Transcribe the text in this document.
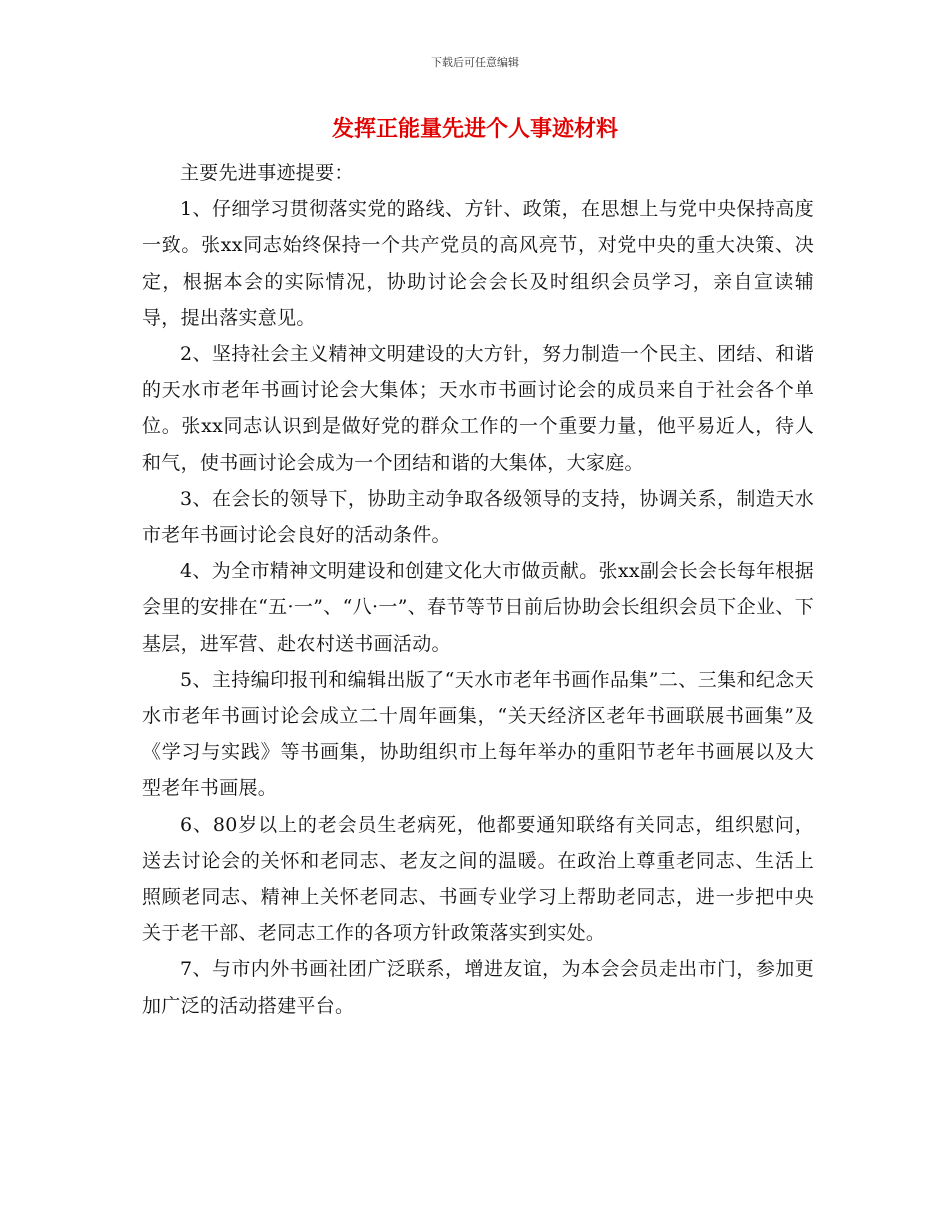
下载后可任意编辑
发挥正能量先进个人事迹材料

主要先进事迹提要：

1、仔细学习贯彻落实党的路线、方针、政策，在思想上与党中央保持高度一致。张xx同志始终保持一个共产党员的高风亮节，对党中央的重大决策、决定，根据本会的实际情况，协助讨论会会长及时组织会员学习，亲自宣读辅导，提出落实意见。

2、坚持社会主义精神文明建设的大方针，努力制造一个民主、团结、和谐的天水市老年书画讨论会大集体；天水市书画讨论会的成员来自于社会各个单位。张xx同志认识到是做好党的群众工作的一个重要力量，他平易近人，待人和气，使书画讨论会成为一个团结和谐的大集体，大家庭。

3、在会长的领导下，协助主动争取各级领导的支持，协调关系，制造天水市老年书画讨论会良好的活动条件。

4、为全市精神文明建设和创建文化大市做贡献。张xx副会长会长每年根据会里的安排在“五·一”、“八·一”、春节等节日前后协助会长组织会员下企业、下基层，进军营、赴农村送书画活动。

5、主持编印报刊和编辑出版了“天水市老年书画作品集”二、三集和纪念天水市老年书画讨论会成立二十周年画集，“关天经济区老年书画联展书画集”及《学习与实践》等书画集，协助组织市上每年举办的重阳节老年书画展以及大型老年书画展。

6、80岁以上的老会员生老病死，他都要通知联络有关同志，组织慰问，送去讨论会的关怀和老同志、老友之间的温暖。在政治上尊重老同志、生活上照顾老同志、精神上关怀老同志、书画专业学习上帮助老同志，进一步把中央关于老干部、老同志工作的各项方针政策落实到实处。

7、与市内外书画社团广泛联系，增进友谊，为本会会员走出市门，参加更加广泛的活动搭建平台。
